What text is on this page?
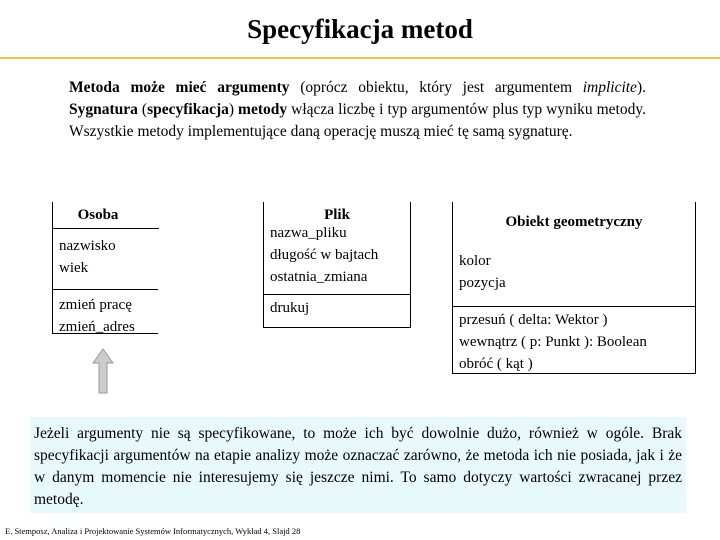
Specyfikacja metod
Metoda może mieć argumenty (oprócz obiektu, który jest argumentem implicite). Sygnatura (specyfikacja) metody włącza liczbę i typ argumentów plus typ wyniku metody. Wszystkie metody implementujące daną operację muszą mieć tę samą sygnaturę.
Osoba
nazwisko
wiek
zmień pracę
zmień_adres
Plik
nazwa_pliku
długość w bajtach
ostatnia_zmiana
drukuj
Obiekt geometryczny
kolor
pozycja
przesuń ( delta: Wektor )
wewnątrz ( p: Punkt ): Boolean
obróć ( kąt )
Jeżeli argumenty nie są specyfikowane, to może ich być dowolnie dużo, również w ogóle. Brak specyfikacji argumentów na etapie analizy może oznaczać zarówno, że metoda ich nie posiada, jak i że w danym momencie nie interesujemy się jeszcze nimi. To samo dotyczy wartości zwracanej przez metodę.
E. Stemposz, Analiza i Projektowanie Systemów Informatycznych, Wykład 4, Slajd 28
